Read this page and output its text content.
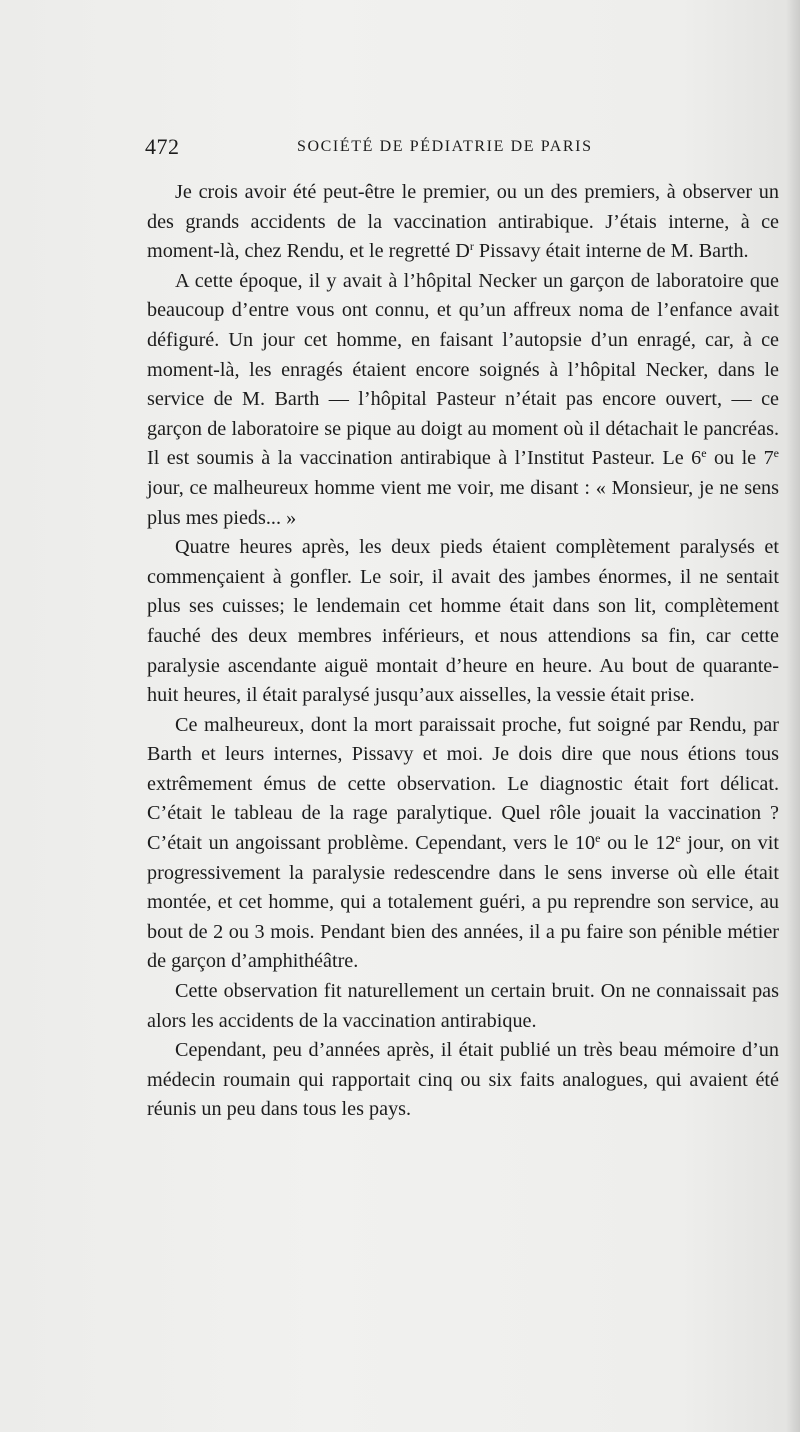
472	SOCIÉTÉ DE PÉDIATRIE DE PARIS

Je crois avoir été peut-être le premier, ou un des premiers, à observer un des grands accidents de la vaccination antirabique. J’étais interne, à ce moment-là, chez Rendu, et le regretté $D^r$ Pissavy était interne de M. Barth.

A cette époque, il y avait à l’hôpital Necker un garçon de laboratoire que beaucoup d’entre vous ont connu, et qu’un affreux noma de l’enfance avait défiguré. Un jour cet homme, en faisant l’autopsie d’un enragé, car, à ce moment-là, les enragés étaient encore soignés à l’hôpital Necker, dans le service de M. Barth — l’hôpital Pasteur n’était pas encore ouvert, — ce garçon de laboratoire se pique au doigt au moment où il détachait le pancréas. Il est soumis à la vaccination antirabique à l’Institut Pasteur. Le 6e ou le 7e jour, ce malheureux homme vient me voir, me disant : « Monsieur, je ne sens plus mes pieds... »

Quatre heures après, les deux pieds étaient complètement paralysés et commençaient à gonfler. Le soir, il avait des jambes énormes, il ne sentait plus ses cuisses; le lendemain cet homme était dans son lit, complètement fauché des deux membres inférieurs, et nous attendions sa fin, car cette paralysie ascendante aiguë montait d’heure en heure. Au bout de quarante-huit heures, il était paralysé jusqu’aux aisselles, la vessie était prise.

Ce malheureux, dont la mort paraissait proche, fut soigné par Rendu, par Barth et leurs internes, Pissavy et moi. Je dois dire que nous étions tous extrêmement émus de cette observation. Le diagnostic était fort délicat. C’était le tableau de la rage paralytique. Quel rôle jouait la vaccination ? C’était un angoissant problème. Cependant, vers le 10e ou le 12e jour, on vit progressivement la paralysie redescendre dans le sens inverse où elle était montée, et cet homme, qui a totalement guéri, a pu reprendre son service, au bout de 2 ou 3 mois. Pendant bien des années, il a pu faire son pénible métier de garçon d’amphithéâtre.

Cette observation fit naturellement un certain bruit. On ne connaissait pas alors les accidents de la vaccination antirabique.

Cependant, peu d’années après, il était publié un très beau mémoire d’un médecin roumain qui rapportait cinq ou six faits analogues, qui avaient été réunis un peu dans tous les pays.
